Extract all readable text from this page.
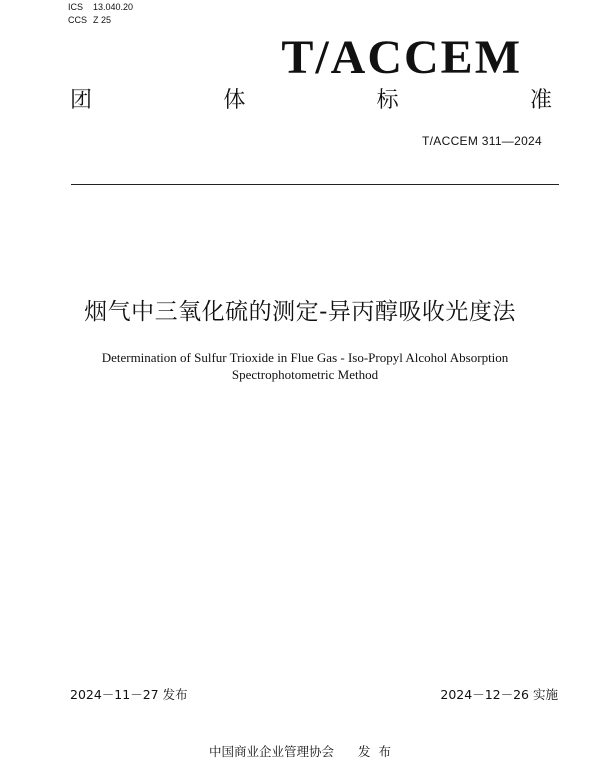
ICS 13.040.20
CCS Z 25
T/ACCEM
团	体	标	准
T/ACCEM 311—2024
烟气中三氧化硫的测定-异丙醇吸收光度法
Determination of Sulfur Trioxide in Flue Gas - Iso-Propyl Alcohol Absorption
Spectrophotometric Method
2024－11－27 发布	2024－12－26 实施
中国商业企业管理协会 发  布
